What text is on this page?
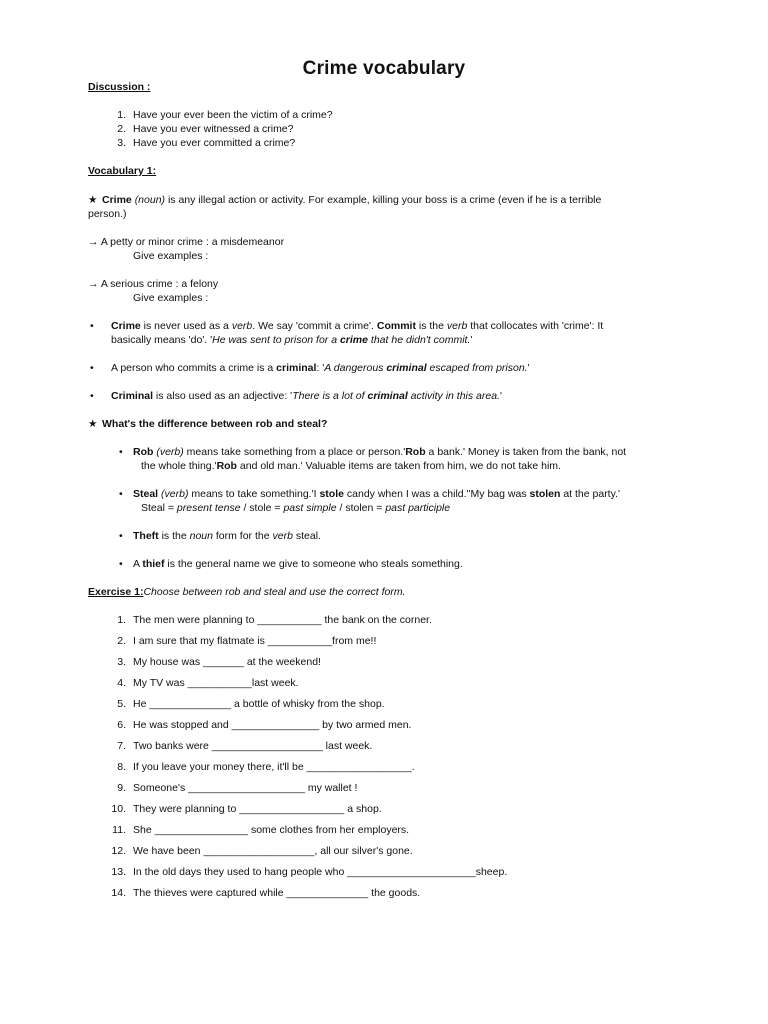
Crime vocabulary
Discussion :
1. Have your ever been the victim of a crime?
2. Have you ever witnessed a crime?
3. Have you ever committed a crime?
Vocabulary 1:
★ Crime (noun) is any illegal action or activity. For example, killing your boss is a crime (even if he is a terrible
person.)
→ A petty or minor crime : a misdemeanor
Give examples :
→ A serious crime : a felony
Give examples :
• Crime is never used as a verb. We say 'commit a crime'. Commit is the verb that collocates with 'crime': It
basically means 'do'. 'He was sent to prison for a crime that he didn't commit.'
• A person who commits a crime is a criminal: 'A dangerous criminal escaped from prison.'
• Criminal is also used as an adjective: 'There is a lot of criminal activity in this area.'
★ What's the difference between rob and steal?
• Rob (verb) means take something from a place or person.'Rob a bank.' Money is taken from the bank, not
the whole thing.'Rob and old man.' Valuable items are taken from him, we do not take him.
• Steal (verb) means to take something.'I stole candy when I was a child.''My bag was stolen at the party.'
Steal = present tense / stole = past simple / stolen = past participle
• Theft is the noun form for the verb steal.
• A thief is the general name we give to someone who steals something.
Exercise 1:Choose between rob and steal and use the correct form.
1. The men were planning to ___________ the bank on the corner.
2. I am sure that my flatmate is ___________from me!!
3. My house was _______ at the weekend!
4. My TV was ___________last week.
5. He ______________ a bottle of whisky from the shop.
6. He was stopped and _______________ by two armed men.
7. Two banks were ___________________ last week.
8. If you leave your money there, it'll be __________________.
9. Someone's ____________________ my wallet !
10. They were planning to __________________ a shop.
11. She ________________ some clothes from her employers.
12. We have been ___________________, all our silver's gone.
13. In the old days they used to hang people who ______________________sheep.
14. The thieves were captured while ______________ the goods.
